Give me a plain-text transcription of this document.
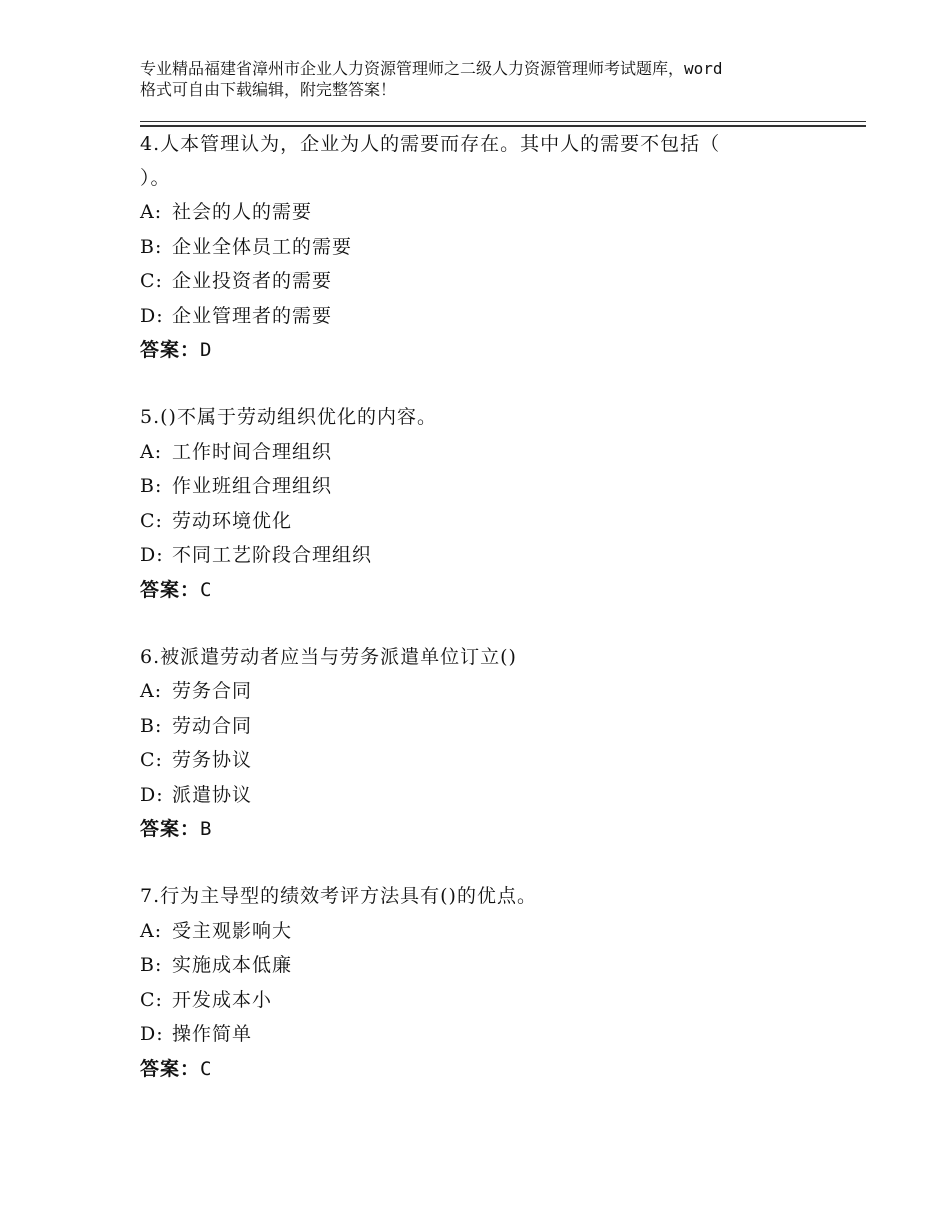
专业精品福建省漳州市企业人力资源管理师之二级人力资源管理师考试题库，word
格式可自由下载编辑，附完整答案！
4.人本管理认为，企业为人的需要而存在。其中人的需要不包括（
）。
A: 社会的人的需要
B: 企业全体员工的需要
C: 企业投资者的需要
D: 企业管理者的需要
答案：D
5.()不属于劳动组织优化的内容。
A: 工作时间合理组织
B: 作业班组合理组织
C: 劳动环境优化
D: 不同工艺阶段合理组织
答案：C
6.被派遣劳动者应当与劳务派遣单位订立()
A: 劳务合同
B: 劳动合同
C: 劳务协议
D: 派遣协议
答案：B
7.行为主导型的绩效考评方法具有()的优点。
A: 受主观影响大
B: 实施成本低廉
C: 开发成本小
D: 操作简单
答案：C
